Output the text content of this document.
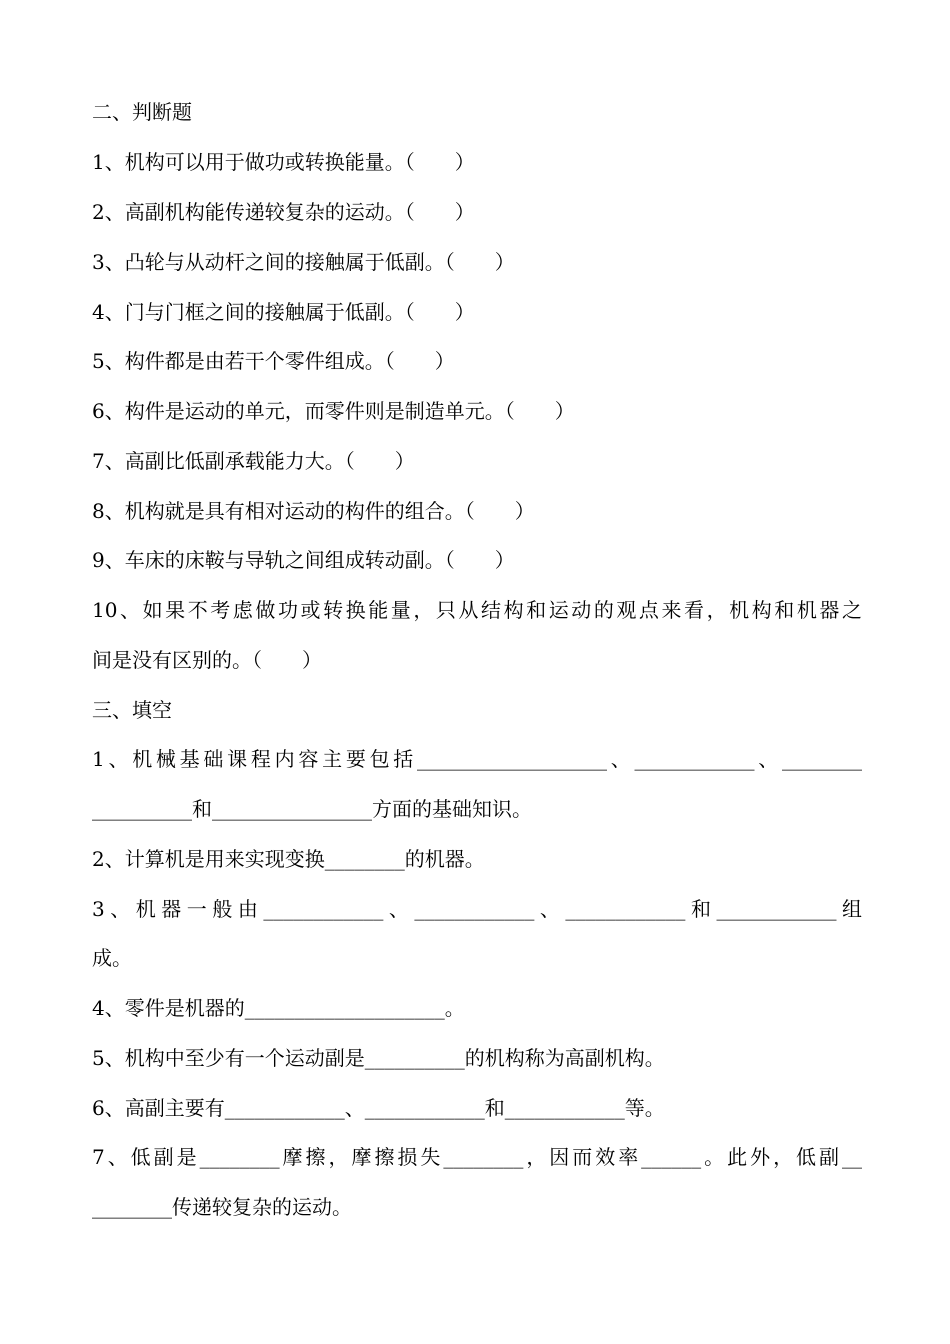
二、判断题
1、机构可以用于做功或转换能量。（　　）
2、高副机构能传递较复杂的运动。（　　）
3、凸轮与从动杆之间的接触属于低副。（　　）
4、门与门框之间的接触属于低副。（　　）
5、构件都是由若干个零件组成。（　　）
6、构件是运动的单元，而零件则是制造单元。（　　）
7、高副比低副承载能力大。（　　）
8、机构就是具有相对运动的构件的组合。（　　）
9、车床的床鞍与导轨之间组成转动副。（　　）
10、如果不考虑做功或转换能量，只从结构和运动的观点来看，机构和机器之
间是没有区别的。（　　）
三、填空
1、机械基础课程内容主要包括___________________、____________、________
__________和________________方面的基础知识。
2、计算机是用来实现变换________的机器。
3、机器一般由____________、____________、____________和____________组
成。
4、零件是机器的____________________。
5、机构中至少有一个运动副是__________的机构称为高副机构。
6、高副主要有____________、____________和____________等。
7、低副是________摩擦，摩擦损失________，因而效率______。此外，低副__
________传递较复杂的运动。
